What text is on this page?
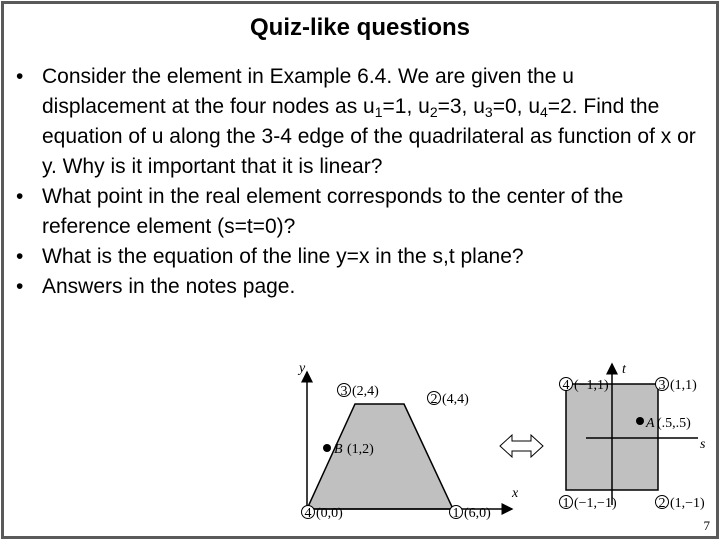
Quiz-like questions
• Consider the element in Example 6.4. We are given the u displacement at the four nodes as $u_1=1$, $u_2=3$, $u_3=0$, $u_4=2$. Find the equation of u along the 3-4 edge of the quadrilateral as function of x or y. Why is it important that it is linear?
• What point in the real element corresponds to the center of the reference element (s=t=0)?
• What is the equation of the line y=x in the s,t plane?
• Answers in the notes page.
y
x
3 (2,4)
2 (4,4)
4 (0,0)	1 (6,0)
B (1,2)
t
s
4 (−1,1)	3 (1,1)
1 (−1,−1)	2 (1,−1)
A (.5,.5)
7
